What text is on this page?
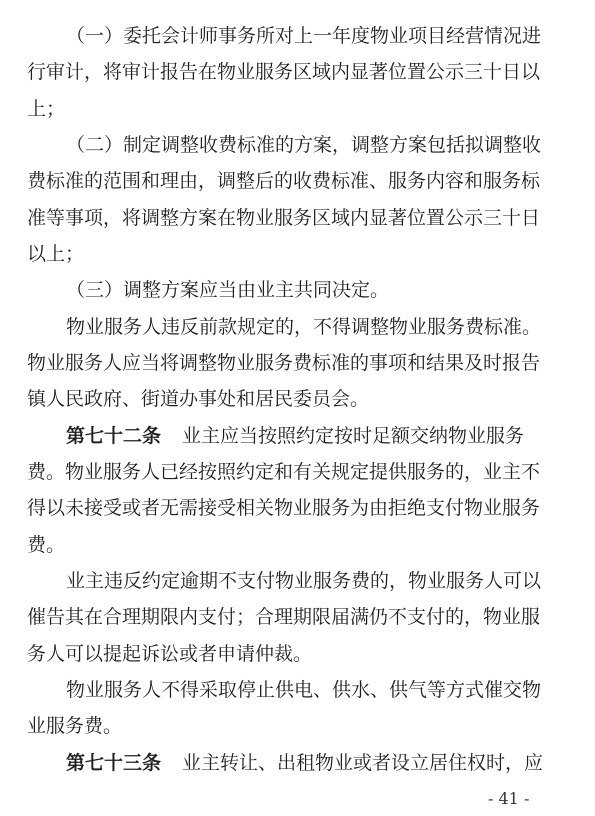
（一）委托会计师事务所对上一年度物业项目经营情况进
行审计，将审计报告在物业服务区域内显著位置公示三十日以
上；
（二）制定调整收费标准的方案，调整方案包括拟调整收
费标准的范围和理由，调整后的收费标准、服务内容和服务标
准等事项，将调整方案在物业服务区域内显著位置公示三十日
以上；
（三）调整方案应当由业主共同决定。
物业服务人违反前款规定的，不得调整物业服务费标准。
物业服务人应当将调整物业服务费标准的事项和结果及时报告
镇人民政府、街道办事处和居民委员会。
第七十二条 业主应当按照约定按时足额交纳物业服务
费。物业服务人已经按照约定和有关规定提供服务的，业主不
得以未接受或者无需接受相关物业服务为由拒绝支付物业服务
费。
业主违反约定逾期不支付物业服务费的，物业服务人可以
催告其在合理期限内支付；合理期限届满仍不支付的，物业服
务人可以提起诉讼或者申请仲裁。
物业服务人不得采取停止供电、供水、供气等方式催交物
业服务费。
第七十三条 业主转让、出租物业或者设立居住权时，应
- 41 -
